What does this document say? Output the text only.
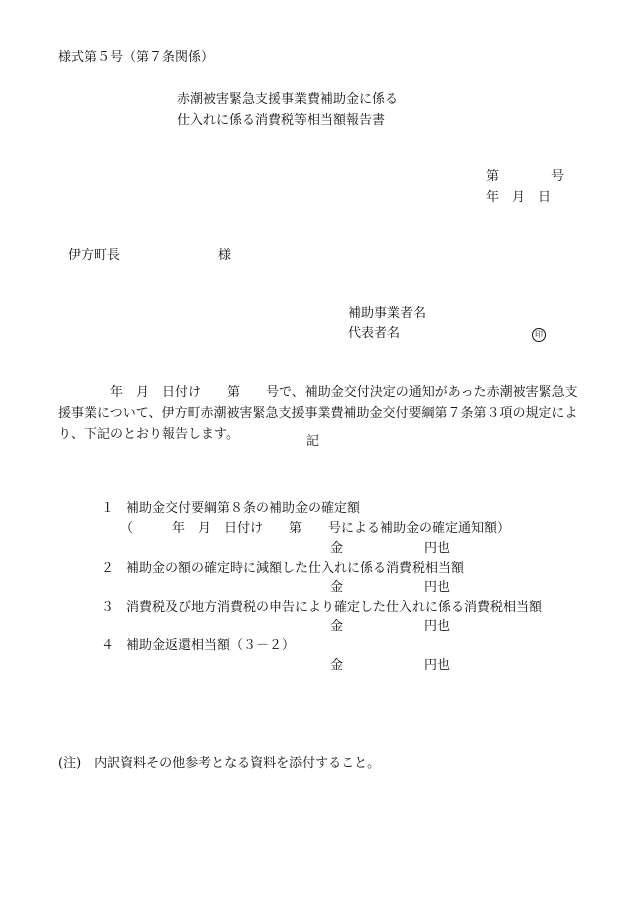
様式第５号（第７条関係）
赤潮被害緊急支援事業費補助金に係る
仕入れに係る消費税等相当額報告書
第　　　　号
年　月　日
伊方町長	様
補助事業者名
代表者名	印
　　　　年　月　日付け　　第　　号で、補助金交付決定の通知があった赤潮被害緊急支援事業について、伊方町赤潮被害緊急支援事業費補助金交付要綱第７条第３項の規定により、下記のとおり報告します。	記
１ 補助金交付要綱第８条の補助金の確定額
（　　　年　月　日付け　　第　　号による補助金の確定通知額）
金	円也
２ 補助金の額の確定時に減額した仕入れに係る消費税相当額
金	円也
３ 消費税及び地方消費税の申告により確定した仕入れに係る消費税相当額
金	円也
４ 補助金返還相当額（３－２）
金	円也
(注)　内訳資料その他参考となる資料を添付すること。
